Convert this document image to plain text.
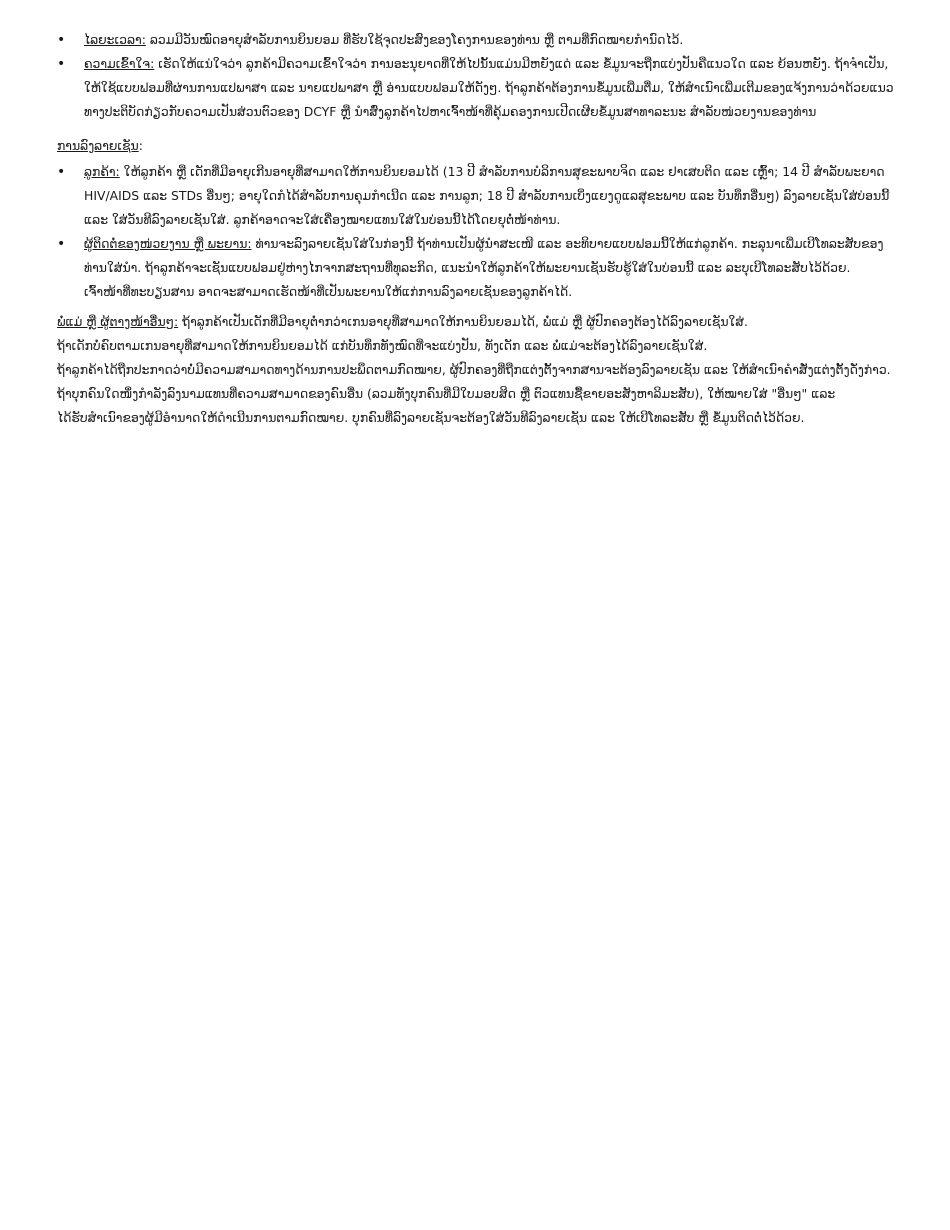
• ໄລຍະເວລາ: ລວມມີວັນໝົດອາຍຸສໍາລັບການຍິນຍອມ ທີ່ຮັບໃຊ້ຈຸດປະສົງຂອງໂຄງການຂອງທ່ານ ຫຼື ຕາມທີ່ກົດໝາຍກໍານົດໄວ້.
• ຄວາມເຂົ້າໃຈ: ເຮັດໃຫ້ແນ່ໃຈວ່າ ລູກຄ້າມີຄວາມເຂົ້າໃຈວ່າ ການອະນຸຍາດທີ່ໃຫ້ໄປນັ້ນແມ່ນມີຫຍັງແດ່ ແລະ ຂໍ້ມູນຈະຖືກແບ່ງປັນຄືແນວໃດ ແລະ ຍ້ອນຫຍັງ. ຖ້າຈໍາເປັນ, ໃຫ້ໃຊ້ແບບຟອມທີ່ຜ່ານການແປພາສາ ແລະ ນາຍແປພາສາ ຫຼື ອ່ານແບບຟອມໃຫ້ດັງໆ. ຖ້າລູກຄ້າຕ້ອງການຂໍ້ມູນເພີ່ມຕື່ມ, ໃຫ້ສໍາເນົາເພີ່ມເຕີມຂອງແຈ້ງການວ່າດ້ວຍແນວທາງປະຕິບັດກ່ຽວກັບຄວາມເປັນສ່ວນຕົວຂອງ DCYF ຫຼື ນໍາສົ່ງລູກຄ້າໄປຫາເຈົ້າໜ້າທີ່ຄຸ້ມຄອງການເປີດເຜີຍຂໍ້ມູນສາທາລະນະ ສໍາລັບໜ່ວຍງານຂອງທ່ານ
ການລົງລາຍເຊັນ:
• ລູກຄ້າ: ໃຫ້ລູກຄ້າ ຫຼື ເດັກທີ່ມີອາຍຸເກີນອາຍຸທີ່ສາມາດໃຫ້ການຍິນຍອມໄດ້ (13 ປີ ສໍາລັບການບໍລິການສຸຂະພາບຈິດ ແລະ ຢາເສບຕິດ ແລະ ເຫຼົ້າ; 14 ປີ ສໍາລັບພະຍາດ HIV/AIDS ແລະ STDs ອື່ນໆ; ອາຍຸໃດກໍໄດ້ສໍາລັບການຄຸມກໍາເນີດ ແລະ ການລູກ; 18 ປີ ສໍາລັບການເບິ່ງແຍງດູແລສຸຂະພາບ ແລະ ບັນທຶກອື່ນໆ) ລົງລາຍເຊັນໃສ່ບ່ອນນີ້ ແລະ ໃສ່ວັນທີລົງລາຍເຊັນໃສ່. ລູກຄ້າອາດຈະໃສ່ເຄື່ອງໝາຍແທນໃສ່ໃນບ່ອນນີ້ໄດ້ໂດຍຍຸຕໍ່ໜ້າທ່ານ.
• ຜູ້ຕິດຕໍ່ຂອງໜ່ວຍງານ ຫຼື ພະຍານ: ທ່ານຈະລົງລາຍເຊັນໃສ່ໃນກ່ອງນີ້ ຖ້າທ່ານເປັນຜູ້ນໍາສະເໜີ ແລະ ອະທິບາຍແບບຟອມນີ້ໃຫ້ແກ່ລູກຄ້າ. ກະລຸນາເພີ່ມເບີໂທລະສັບຂອງທ່ານໃສ່ນໍາ. ຖ້າລູກຄ້າຈະເຊັນແບບຟອມຢູ່ຫ່າງໄກຈາກສະຖານທີ່ທຸລະກິດ, ແນະນໍາໃຫ້ລູກຄ້າໃຫ້ພະຍານເຊັນຮັບຮູ້ໃສ່ໃນບ່ອນນີ້ ແລະ ລະບຸເບີໂທລະສັບໄວ້ດ້ວຍ. ເຈົ້າໜ້າທີ່ທະບຽນສານ ອາດຈະສາມາດເຮັດໜ້າທີ່ເປັນພະຍານໃຫ້ແກ່ການລົງລາຍເຊັນຂອງລູກຄ້າໄດ້.
ພໍ່ແມ່ ຫຼື ຜູ້ຕາງໜ້າອື່ນໆ: ຖ້າລູກຄ້າເປັນເດັກທີ່ມີອາຍຸຕໍ່າກວ່າເກນອາຍຸທີ່ສາມາດໃຫ້ການຍິນຍອມໄດ້, ພໍ່ແມ່ ຫຼື ຜູ້ປົກຄອງຕ້ອງໄດ້ລົງລາຍເຊັນໃສ່.
ຖ້າເດັກບໍ່ຄົບຕາມເກນອາຍຸທີ່ສາມາດໃຫ້ການຍິນຍອມໄດ້ ແກ່ບັນທຶກທັງໝົດທີ່ຈະແບ່ງປັນ, ທັງເດັກ ແລະ ພໍ່ແມ່ຈະຕ້ອງໄດ້ລົງລາຍເຊັນໃສ່.
ຖ້າລູກຄ້າໄດ້ຖືກປະກາດວ່າບໍ່ມີຄວາມສາມາດທາງດ້ານການປະພຶດຕາມກົດໝາຍ, ຜູ້ປົກຄອງທີ່ຖືກແຕ່ງຕັ້ງຈາກສານຈະຕ້ອງລົງລາຍເຊັນ ແລະ ໃຫ້ສໍາເນົາຄໍາສັ່ງແຕ່ງຕັ້ງດັ່ງກ່າວ.
ຖ້າບຸກຄົນໃດໜຶ່ງກໍາລັງລົງນາມແທນທີ່ຄວາມສາມາດຂອງຄົນອື່ນ (ລວມທັງບຸກຄົນທີ່ມີໃບມອບສິດ ຫຼື ຕົວແທນຊື້ຂາຍອະສັງຫາລິມະສັບ), ໃຫ້ໝາຍໃສ່ "ອື່ນໆ" ແລະ
ໄດ້ຮັບສໍາເນົາຂອງຜູ້ມີອໍານາດໃຫ້ດໍາເນີນການຕາມກົດໝາຍ. ບຸກຄົນທີ່ລົງລາຍເຊັນຈະຕ້ອງໃສ່ວັນທີລົງລາຍເຊັນ ແລະ ໃຫ້ເບີໂທລະສັບ ຫຼື ຂໍ້ມູນຕິດຕໍ່ໄວ້ດ້ວຍ.
